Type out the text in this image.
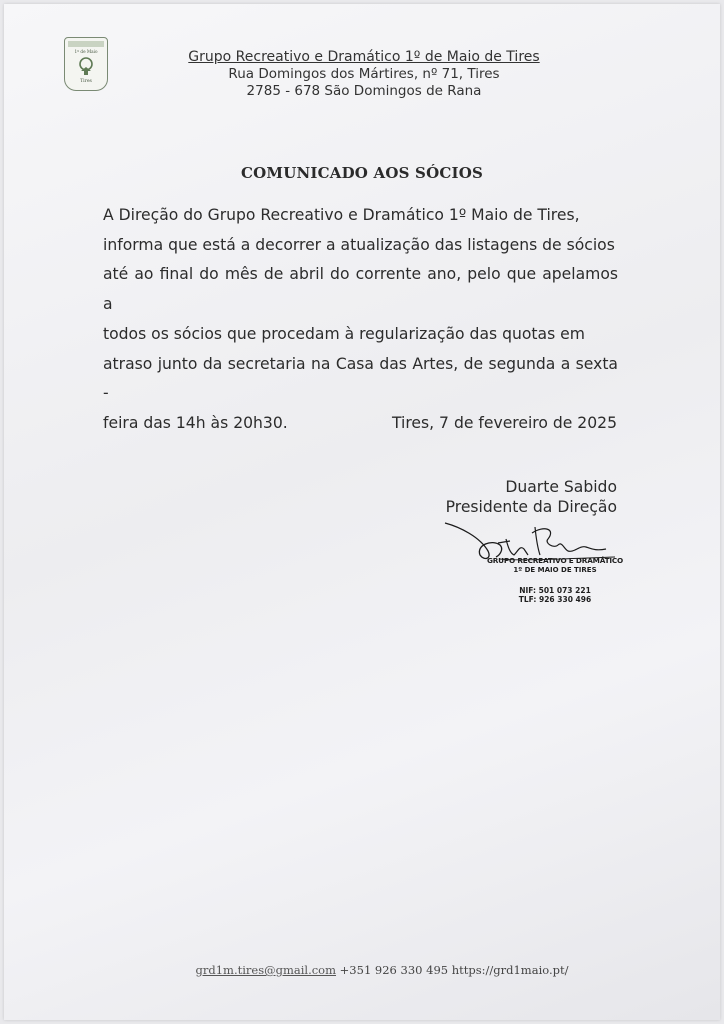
1º de Maio
Tires
Grupo Recreativo e Dramático 1º de Maio de Tires
Rua Domingos dos Mártires, nº 71, Tires
2785 - 678 São Domingos de Rana
COMUNICADO AOS SÓCIOS
A Direção do Grupo Recreativo e Dramático 1º Maio de Tires,
informa que está a decorrer a atualização das listagens de sócios
até ao final do mês de abril do corrente ano, pelo que apelamos a
todos os sócios que procedam à regularização das quotas em
atraso junto da secretaria na Casa das Artes, de segunda a sexta -
feira das 14h às 20h30.	Tires, 7 de fevereiro de 2025
Duarte Sabido
Presidente da Direção
GRUPO RECREATIVO E DRAMÁTICO
1º DE MAIO DE TIRES
NIF: 501 073 221
TLF: 926 330 496
grd1m.tires@gmail.com +351 926 330 495 https://grd1maio.pt/
